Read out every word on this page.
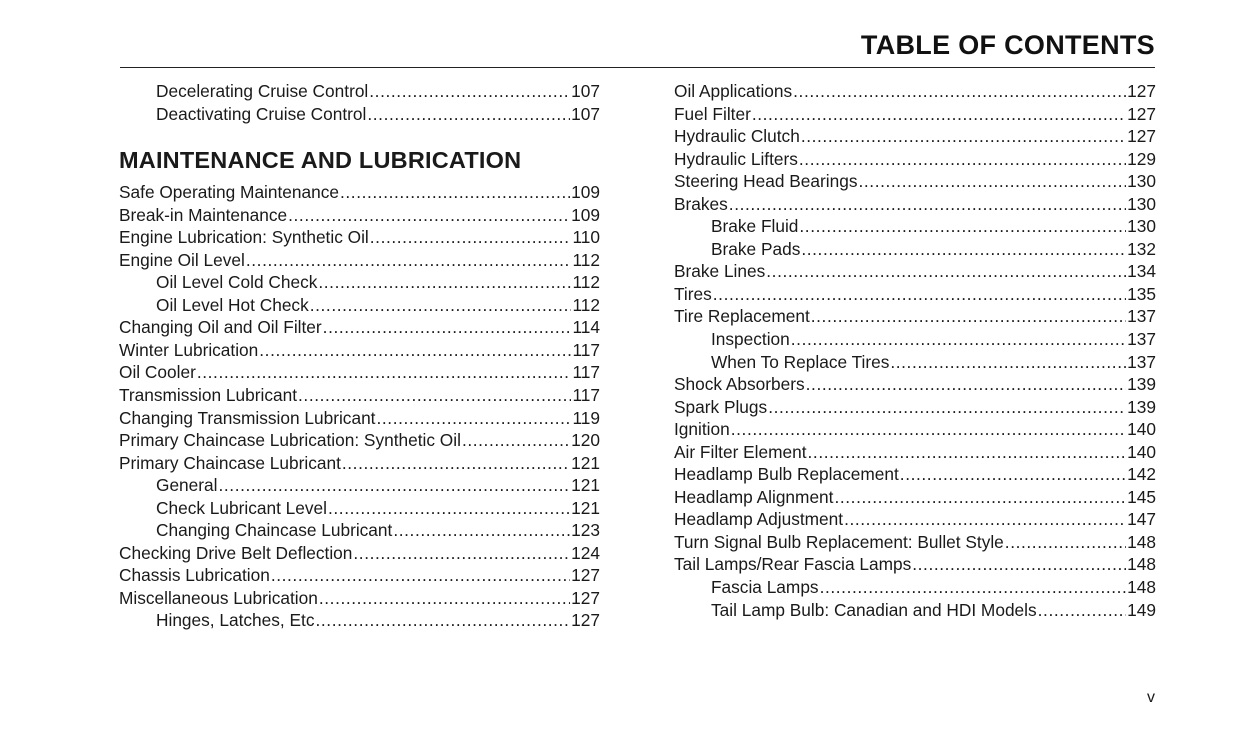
TABLE OF CONTENTS
Decelerating Cruise Control .....	107
Deactivating Cruise Control .....	107
MAINTENANCE AND LUBRICATION
Safe Operating Maintenance .....	109
Break-in Maintenance .....	109
Engine Lubrication: Synthetic Oil .....	110
Engine Oil Level .....	112
Oil Level Cold Check .....	112
Oil Level Hot Check .....	112
Changing Oil and Oil Filter .....	114
Winter Lubrication .....	117
Oil Cooler .....	117
Transmission Lubricant .....	117
Changing Transmission Lubricant .....	119
Primary Chaincase Lubrication: Synthetic Oil .....	120
Primary Chaincase Lubricant .....	121
General .....	121
Check Lubricant Level .....	121
Changing Chaincase Lubricant .....	123
Checking Drive Belt Deflection .....	124
Chassis Lubrication .....	127
Miscellaneous Lubrication .....	127
Hinges, Latches, Etc .....	127
Oil Applications .....	127
Fuel Filter .....	127
Hydraulic Clutch .....	127
Hydraulic Lifters .....	129
Steering Head Bearings .....	130
Brakes .....	130
Brake Fluid .....	130
Brake Pads .....	132
Brake Lines .....	134
Tires .....	135
Tire Replacement .....	137
Inspection .....	137
When To Replace Tires .....	137
Shock Absorbers .....	139
Spark Plugs .....	139
Ignition .....	140
Air Filter Element .....	140
Headlamp Bulb Replacement .....	142
Headlamp Alignment .....	145
Headlamp Adjustment .....	147
Turn Signal Bulb Replacement: Bullet Style .....	148
Tail Lamps/Rear Fascia Lamps .....	148
Fascia Lamps .....	148
Tail Lamp Bulb: Canadian and HDI Models .....	149
v
